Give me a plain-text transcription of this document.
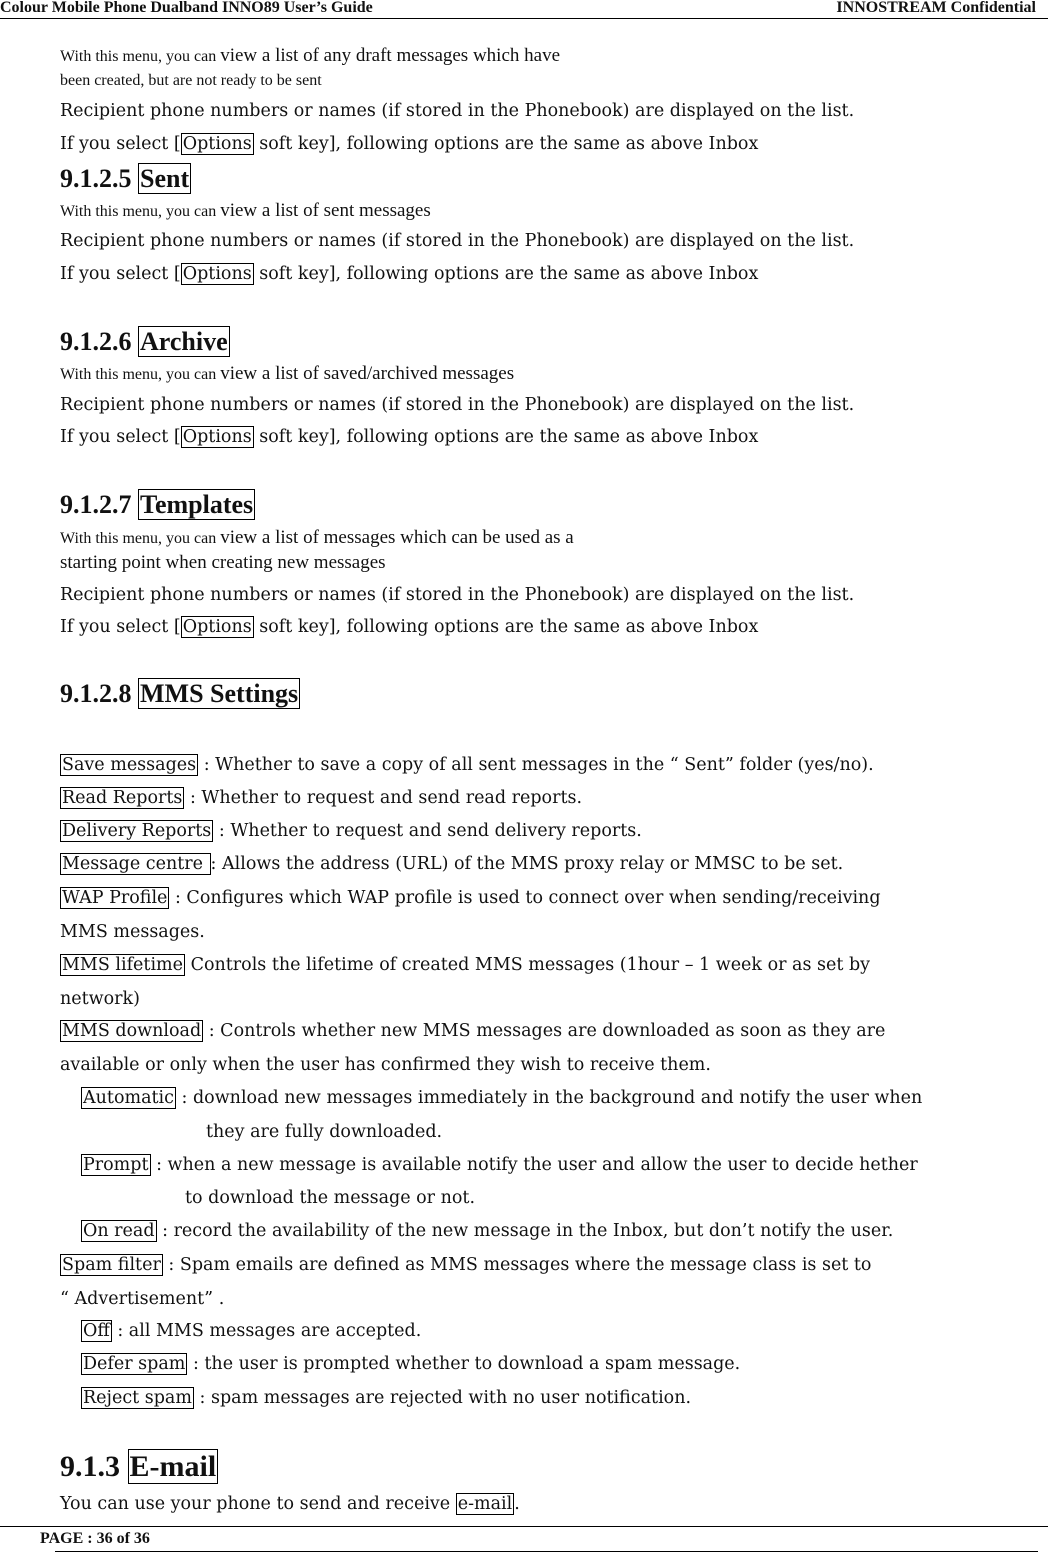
Colour Mobile Phone Dualband INNO89 User’s Guide	INNOSTREAM Confidential
With this menu, you can view a list of any draft messages which have
been created, but are not ready to be sent
Recipient phone numbers or names (if stored in the Phonebook) are displayed on the list.
If you select [ Options soft key], following options are the same as above Inbox
9.1.2.5 Sent
With this menu, you can view a list of sent messages
Recipient phone numbers or names (if stored in the Phonebook) are displayed on the list.
If you select [ Options soft key], following options are the same as above Inbox
9.1.2.6 Archive
With this menu, you can view a list of saved/archived messages
Recipient phone numbers or names (if stored in the Phonebook) are displayed on the list.
If you select [ Options soft key], following options are the same as above Inbox
9.1.2.7 Templates
With this menu, you can view a list of messages which can be used as a
starting point when creating new messages
Recipient phone numbers or names (if stored in the Phonebook) are displayed on the list.
If you select [ Options soft key], following options are the same as above Inbox
9.1.2.8 MMS Settings
Save messages : Whether to save a copy of all sent messages in the “ Sent” folder (yes/no).
Read Reports : Whether to request and send read reports.
Delivery Reports : Whether to request and send delivery reports.
Message centre : Allows the address (URL) of the MMS proxy relay or MMSC to be set.
WAP Profile : Configures which WAP profile is used to connect over when sending/receiving
MMS messages.
MMS lifetime Controls the lifetime of created MMS messages (1hour – 1 week or as set by
network)
MMS download : Controls whether new MMS messages are downloaded as soon as they are
available or only when the user has confirmed they wish to receive them.
Automatic : download new messages immediately in the background and notify the user when
they are fully downloaded.
Prompt : when a new message is available notify the user and allow the user to decide hether
to download the message or not.
On read : record the availability of the new message in the Inbox, but don’t notify the user.
Spam filter : Spam emails are defined as MMS messages where the message class is set to
“ Advertisement” .
Off : all MMS messages are accepted.
Defer spam : the user is prompted whether to download a spam message.
Reject spam : spam messages are rejected with no user notification.
9.1.3 E-mail
You can use your phone to send and receive e-mail .
PAGE : 36 of 36
